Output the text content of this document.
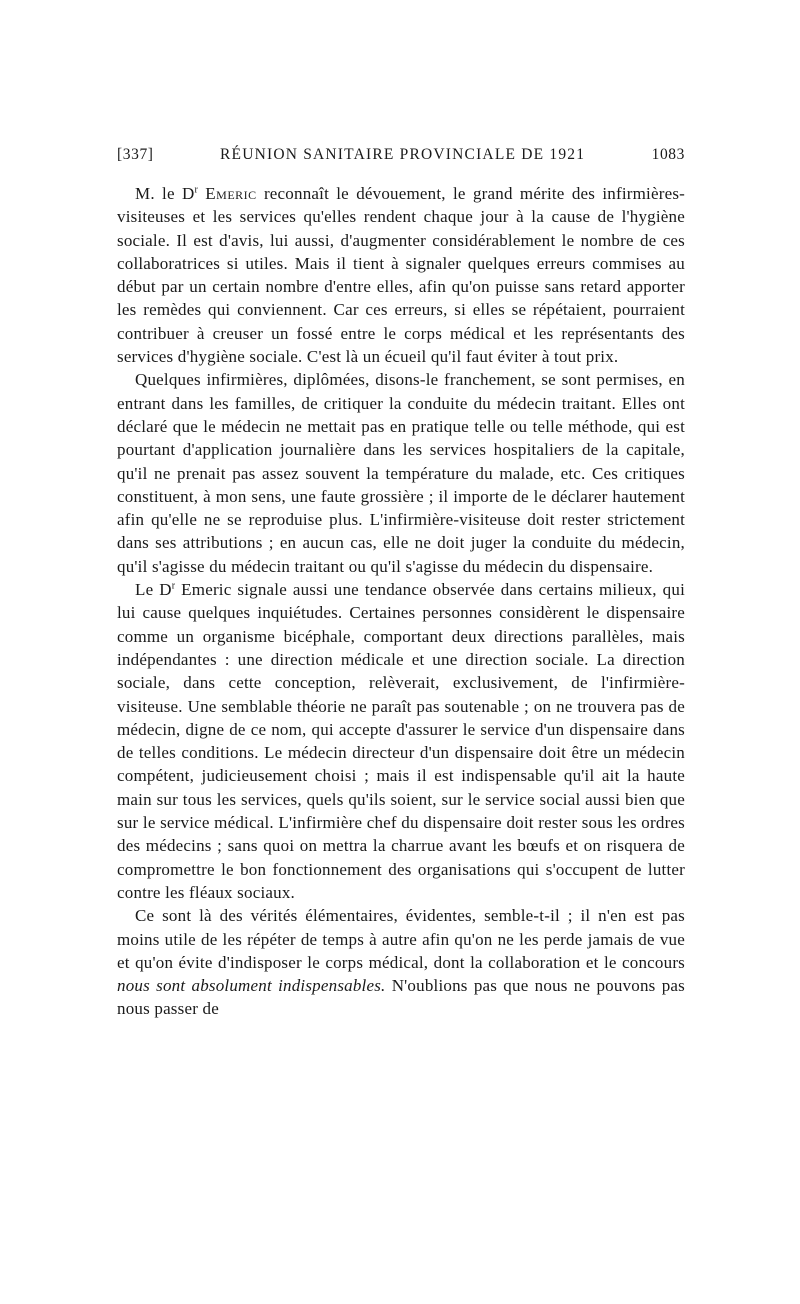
[337]	RÉUNION SANITAIRE PROVINCIALE DE 1921	1083

M. le $D^r$ Emeric reconnaît le dévouement, le grand mérite des infirmières-visiteuses et les services qu'elles rendent chaque jour à la cause de l'hygiène sociale. Il est d'avis, lui aussi, d'augmenter considérablement le nombre de ces collaboratrices si utiles. Mais il tient à signaler quelques erreurs commises au début par un certain nombre d'entre elles, afin qu'on puisse sans retard apporter les remèdes qui conviennent. Car ces erreurs, si elles se répétaient, pourraient contribuer à creuser un fossé entre le corps médical et les représentants des services d'hygiène sociale. C'est là un écueil qu'il faut éviter à tout prix.

Quelques infirmières, diplômées, disons-le franchement, se sont permises, en entrant dans les familles, de critiquer la conduite du médecin traitant. Elles ont déclaré que le médecin ne mettait pas en pratique telle ou telle méthode, qui est pourtant d'application journalière dans les services hospitaliers de la capitale, qu'il ne prenait pas assez souvent la température du malade, etc. Ces critiques constituent, à mon sens, une faute grossière ; il importe de le déclarer hautement afin qu'elle ne se reproduise plus. L'infirmière-visiteuse doit rester strictement dans ses attributions ; en aucun cas, elle ne doit juger la conduite du médecin, qu'il s'agisse du médecin traitant ou qu'il s'agisse du médecin du dispensaire.

Le $D^r$ Emeric signale aussi une tendance observée dans certains milieux, qui lui cause quelques inquiétudes. Certaines personnes considèrent le dispensaire comme un organisme bicéphale, comportant deux directions parallèles, mais indépendantes : une direction médicale et une direction sociale. La direction sociale, dans cette conception, relèverait, exclusivement, de l'infirmière-visiteuse. Une semblable théorie ne paraît pas soutenable ; on ne trouvera pas de médecin, digne de ce nom, qui accepte d'assurer le service d'un dispensaire dans de telles conditions. Le médecin directeur d'un dispensaire doit être un médecin compétent, judicieusement choisi ; mais il est indispensable qu'il ait la haute main sur tous les services, quels qu'ils soient, sur le service social aussi bien que sur le service médical. L'infirmière chef du dispensaire doit rester sous les ordres des médecins ; sans quoi on mettra la charrue avant les bœufs et on risquera de compromettre le bon fonctionnement des organisations qui s'occupent de lutter contre les fléaux sociaux.

Ce sont là des vérités élémentaires, évidentes, semble-t-il ; il n'en est pas moins utile de les répéter de temps à autre afin qu'on ne les perde jamais de vue et qu'on évite d'indisposer le corps médical, dont la collaboration et le concours nous sont absolument indispensables. N'oublions pas que nous ne pouvons pas nous passer de
